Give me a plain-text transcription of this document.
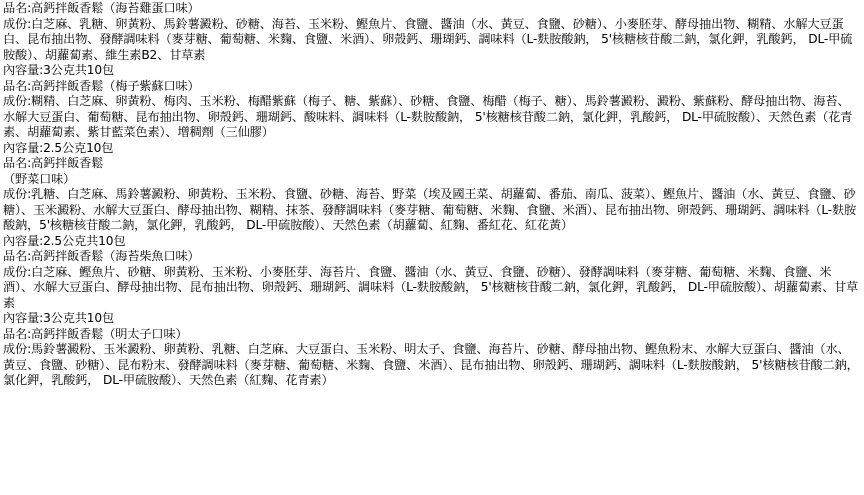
品名:高鈣拌飯香鬆（海苔雞蛋口味）

成份:白芝麻、乳糖、卵黃粉、馬鈴薯澱粉、砂糖、海苔、玉米粉、鰹魚片、食鹽、醬油（水、黃豆、食鹽、砂糖）、小麥胚芽、酵母抽出物、糊精、水解大豆蛋白、昆布抽出物、發酵調味料（麥芽糖、葡萄糖、米麴、食鹽、米酒）、卵殼鈣、珊瑚鈣、調味料（L-麩胺酸鈉， 5'核糖核苷酸二鈉，氯化鉀，乳酸鈣， DL-甲硫胺酸）、胡蘿蔔素、維生素B2、甘草素

內容量:3公克共10包

品名:高鈣拌飯香鬆（梅子紫蘇口味）

成份:糊精、白芝麻、卵黃粉、梅肉、玉米粉、梅醋紫蘇（梅子、糖、紫蘇）、砂糖、食鹽、梅醋（梅子、糖）、馬鈴薯澱粉、澱粉、紫蘇粉、酵母抽出物、海苔、水解大豆蛋白、葡萄糖、昆布抽出物、卵殼鈣、珊瑚鈣、酸味料、調味料（L-麩胺酸鈉， 5'核糖核苷酸二鈉，氯化鉀，乳酸鈣， DL-甲硫胺酸）、天然色素（花青素、胡蘿蔔素、紫甘藍菜色素）、增稠劑（三仙膠）

內容量:2.5公克10包

品名:高鈣拌飯香鬆

（野菜口味）

成份:乳糖、白芝麻、馬鈴薯澱粉、卵黃粉、玉米粉、食鹽、砂糖、海苔、野菜（埃及國王菜、胡蘿蔔、番茄、南瓜、菠菜）、鰹魚片、醬油（水、黃豆、食鹽、砂糖）、玉米澱粉、水解大豆蛋白、酵母抽出物、糊精、抹茶、發酵調味料（麥芽糖、葡萄糖、米麴、食鹽、米酒）、昆布抽出物、卵殼鈣、珊瑚鈣、調味料（L-麩胺酸鈉，5'核糖核苷酸二鈉，氯化鉀，乳酸鈣， DL-甲硫胺酸）、天然色素（胡蘿蔔、紅麴、番紅花、紅花黃）

內容量:2.5公克共10包

品名:高鈣拌飯香鬆（海苔柴魚口味）

成份:白芝麻、鰹魚片、砂糖、卵黃粉、玉米粉、小麥胚芽、海苔片、食鹽、醬油（水、黃豆、食鹽、砂糖）、發酵調味料（麥芽糖、葡萄糖、米麴、食鹽、米酒）、水解大豆蛋白、酵母抽出物、昆布抽出物、卵殼鈣、珊瑚鈣、調味料（L-麩胺酸鈉， 5'核糖核苷酸二鈉，氯化鉀，乳酸鈣， DL-甲硫胺酸）、胡蘿蔔素、甘草素

內容量:3公克共10包

品名:高鈣拌飯香鬆（明太子口味）

成份:馬鈴薯澱粉、玉米澱粉、卵黃粉、乳糖、白芝麻、大豆蛋白、玉米粉、明太子、食鹽、海苔片、砂糖、酵母抽出物、鰹魚粉末、水解大豆蛋白、醬油（水、黃豆、食鹽、砂糖）、昆布粉末、發酵調味料（麥芽糖、葡萄糖、米麴、食鹽、米酒）、昆布抽出物、卵殼鈣、珊瑚鈣、調味料（L-麩胺酸鈉， 5'核糖核苷酸二鈉，氯化鉀，乳酸鈣， DL-甲硫胺酸）、天然色素（紅麴、花青素）
